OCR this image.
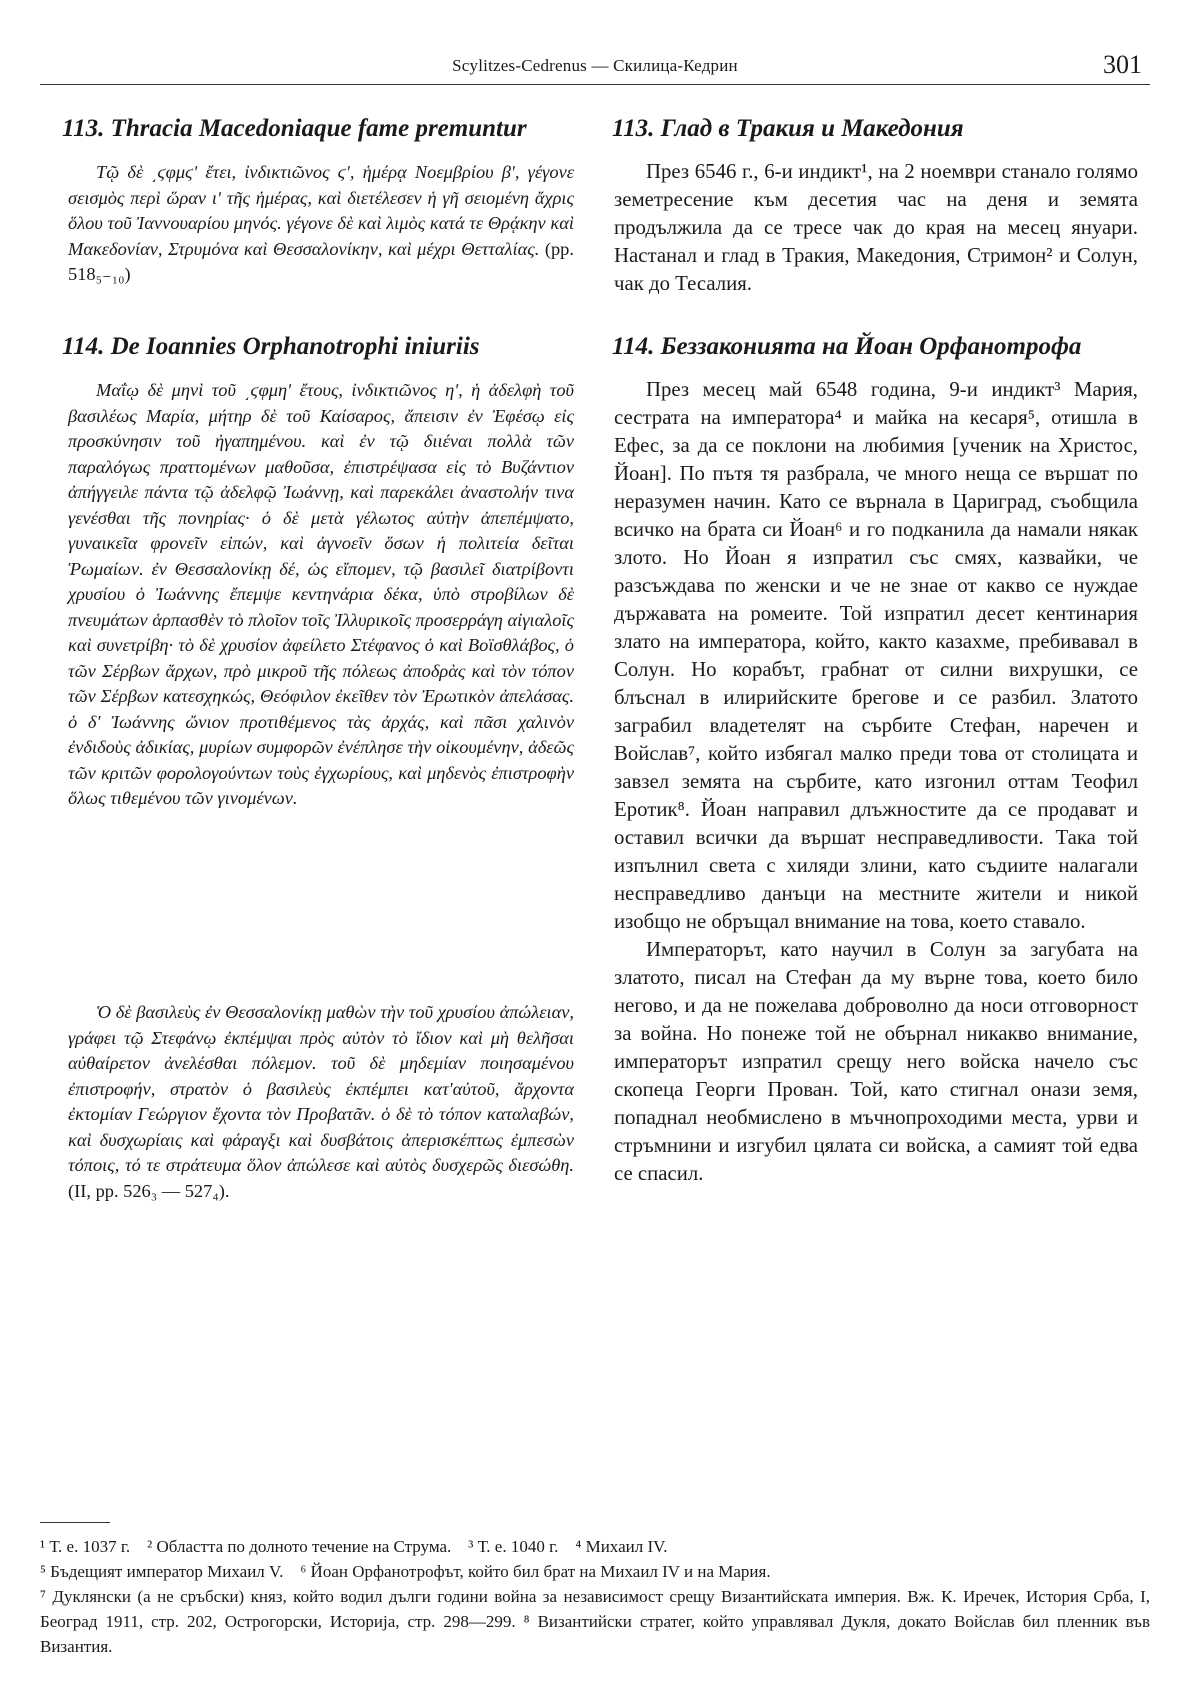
Scylitzes-Cedrenus — Скилица-Кедрин	301
113. Thracia Macedoniaque fame premuntur
Τῷ δὲ ͵ϛφμϛʹ ἔτει, ἰνδικτιῶνος ϛʹ, ἡμέρᾳ Νοεμβρίου βʹ, γέγονε σεισμὸς περὶ ὥραν ιʹ τῆς ἡμέρας, καὶ διετέλεσεν ἡ γῆ σειομένη ἄχρις ὅλου τοῦ Ἰαννουαρίου μηνός. γέγονε δὲ καὶ λιμὸς κατά τε Θρᾴκην καὶ Μακεδονίαν, Στρυμόνα καὶ Θεσσαλονίκην, καὶ μέχρι Θετταλίας. (pp. 518₅₋₁₀)
114. De Ioannies Orphanotrophi iniuriis
Μαΐῳ δὲ μηνὶ τοῦ ͵ϛφμηʹ ἔτους, ἰνδικτιῶνος ηʹ, ἡ ἀδελφὴ τοῦ βασιλέως Μαρία, μήτηρ δὲ τοῦ Καίσαρος, ἄπεισιν ἐν Ἐφέσῳ εἰς προσκύνησιν τοῦ ἠγαπημένου. καὶ ἐν τῷ διιέναι πολλὰ τῶν παραλόγως πραττομένων μαθοῦσα, ἐπιστρέψασα εἰς τὸ Βυζάντιον ἀπήγγειλε πάντα τῷ ἀδελφῷ Ἰωάννῃ, καὶ παρεκάλει ἀναστολήν τινα γενέσθαι τῆς πονηρίας· ὁ δὲ μετὰ γέλωτος αὐτὴν ἀπεπέμψατο, γυναικεῖα φρονεῖν εἰπών, καὶ ἀγνοεῖν ὅσων ἡ πολιτεία δεῖται Ῥωμαίων. ἐν Θεσσαλονίκῃ δέ, ὡς εἴπομεν, τῷ βασιλεῖ διατρίβοντι χρυσίου ὁ Ἰωάννης ἔπεμψε κεντηνάρια δέκα, ὑπὸ στροβίλων δὲ πνευμάτων ἁρπασθὲν τὸ πλοῖον τοῖς Ἰλλυρικοῖς προσερράγη αἰγιαλοῖς καὶ συνετρίβη· τὸ δὲ χρυσίον ἀφείλετο Στέφανος ὁ καὶ Βοϊσθλάβος, ὁ τῶν Σέρβων ἄρχων, πρὸ μικροῦ τῆς πόλεως ἀποδρὰς καὶ τὸν τόπον τῶν Σέρβων κατεσχηκώς, Θεόφιλον ἐκεῖθεν τὸν Ἐρωτικὸν ἀπελάσας. ὁ δ' Ἰωάννης ὤνιον προτιθέμενος τὰς ἀρχάς, καὶ πᾶσι χαλινὸν ἐνδιδοὺς ἀδικίας, μυρίων συμφορῶν ἐνέπλησε τὴν οἰκουμένην, ἀδεῶς τῶν κριτῶν φορολογούντων τοὺς ἐγχωρίους, καὶ μηδενὸς ἐπιστροφὴν ὅλως τιθεμένου τῶν γινομένων.
Ὁ δὲ βασιλεὺς ἐν Θεσσαλονίκῃ μαθὼν τὴν τοῦ χρυσίου ἀπώλειαν, γράφει τῷ Στεφάνῳ ἐκπέμψαι πρὸς αὐτὸν τὸ ἴδιον καὶ μὴ θελῆσαι αὐθαίρετον ἀνελέσθαι πόλεμον. τοῦ δὲ μηδεμίαν ποιησαμένου ἐπιστροφήν, στρατὸν ὁ βασιλεὺς ἐκπέμπει κατ'αὐτοῦ, ἄρχοντα ἐκτομίαν Γεώργιον ἔχοντα τὸν Προβατᾶν. ὁ δὲ τὸ τόπον καταλαβών, καὶ δυσχωρίαις καὶ φάραγξι καὶ δυσβάτοις ἀπερισκέπτως ἐμπεσὼν τόποις, τό τε στράτευμα ὅλον ἀπώλεσε καὶ αὐτὸς δυσχερῶς διεσώθη. (II, pp. 526₃ — 527₄).
113. Глад в Тракия и Македония

През 6546 г., 6-и индикт¹, на 2 ноември станало голямо земетресение към десетия час на деня и земята продължила да се тресе чак до края на месец януари. Настанал и глад в Тракия, Македония, Стримон² и Солун, чак до Тесалия.

114. Беззаконията на Йоан Орфанотрофа

През месец май 6548 година, 9-и индикт³ Мария, сестрата на императора⁴ и майка на кесаря⁵, отишла в Ефес, за да се поклони на любимия [ученик на Христос, Йоан]. По пътя тя разбрала, че много неща се вършат по неразумен начин. Като се върнала в Цариград, съобщила всичко на брата си Йоан⁶ и го подканила да намали някак злото. Но Йоан я изпратил със смях, казвайки, че разсъждава по женски и че не знае от какво се нуждае държавата на ромеите. Той изпратил десет кентинария злато на императора, който, както казахме, пребивавал в Солун. Но корабът, грабнат от силни вихрушки, се блъснал в илирийските брегове и се разбил. Златото заграбил владетелят на сърбите Стефан, наречен и Войслав⁷, който избягал малко преди това от столицата и завзел земята на сърбите, като изгонил оттам Теофил Еротик⁸. Йоан направил длъжностите да се продават и оставил всички да вършат несправедливости. Така той изпълнил света с хиляди злини, като съдиите налагали несправедливо данъци на местните жители и никой изобщо не обръщал внимание на това, което ставало.

Императорът, като научил в Солун за загубата на златото, писал на Стефан да му върне това, което било негово, и да не пожелава доброволно да носи отговорност за война. Но понеже той не обърнал никакво внимание, императорът изпратил срещу него войска начело със скопеца Георги Прован. Той, като стигнал онази земя, попаднал необмислено в мъчнопроходими места, урви и стръмнини и изгубил цялата си войска, а самият той едва се спасил.

¹ Т. е. 1037 г.    ² Областта по долното течение на Струма.    ³ Т. е. 1040 г.    ⁴ Михаил IV.

⁵ Бъдещият император Михаил V.    ⁶ Йоан Орфанотрофът, който бил брат на Михаил IV и на Мария.

⁷ Дуклянски (а не сръбски) княз, който водил дълги години война за независимост срещу Византийската империя. Вж. К. Иречек, История Срба, I, Београд 1911, стр. 202, Острогорски, Историја, стр. 298—299. ⁸ Византийски стратег, който управлявал Дукля, докато Войслав бил пленник във Византия.
